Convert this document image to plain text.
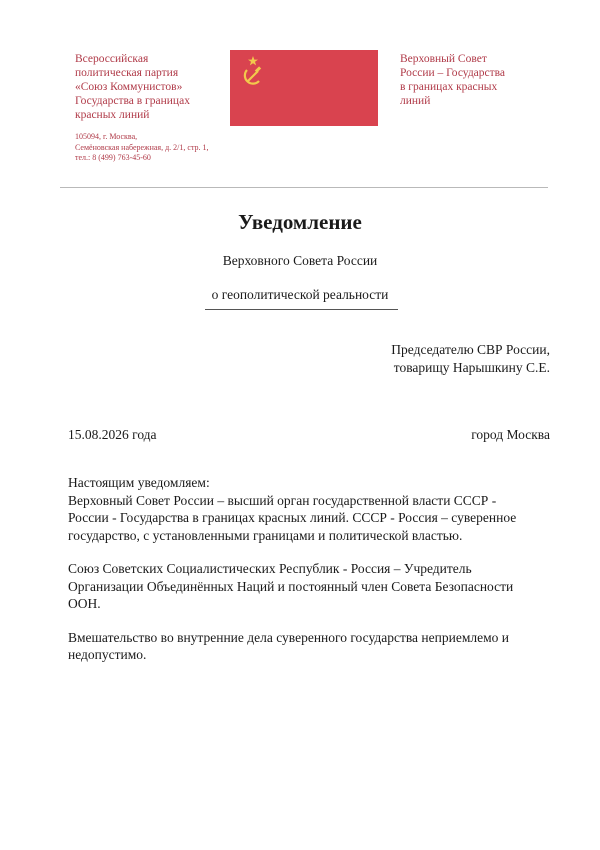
Всероссийская
политическая партия
«Союз Коммунистов»
Государства в границах
красных линий
105094, г. Москва,
Семёновская набережная, д. 2/1, стр. 1,
тел.: 8 (499) 763-45-60
Верховный Совет
России – Государства
в границах красных
линий
Уведомление
Верховного Совета России
о геополитической реальности
Председателю СВР России,
товарищу Нарышкину С.Е.
15.08.2026 года	город Москва

Настоящим уведомляем:
Верховный Совет России – высший орган государственной власти СССР -
России - Государства в границах красных линий. СССР - Россия – суверенное
государство, с установленными границами и политической властью.

Союз Советских Социалистических Республик - Россия – Учредитель
Организации Объединённых Наций и постоянный член Совета Безопасности
ООН.

Вмешательство во внутренние дела суверенного государства неприемлемо и
недопустимо.
